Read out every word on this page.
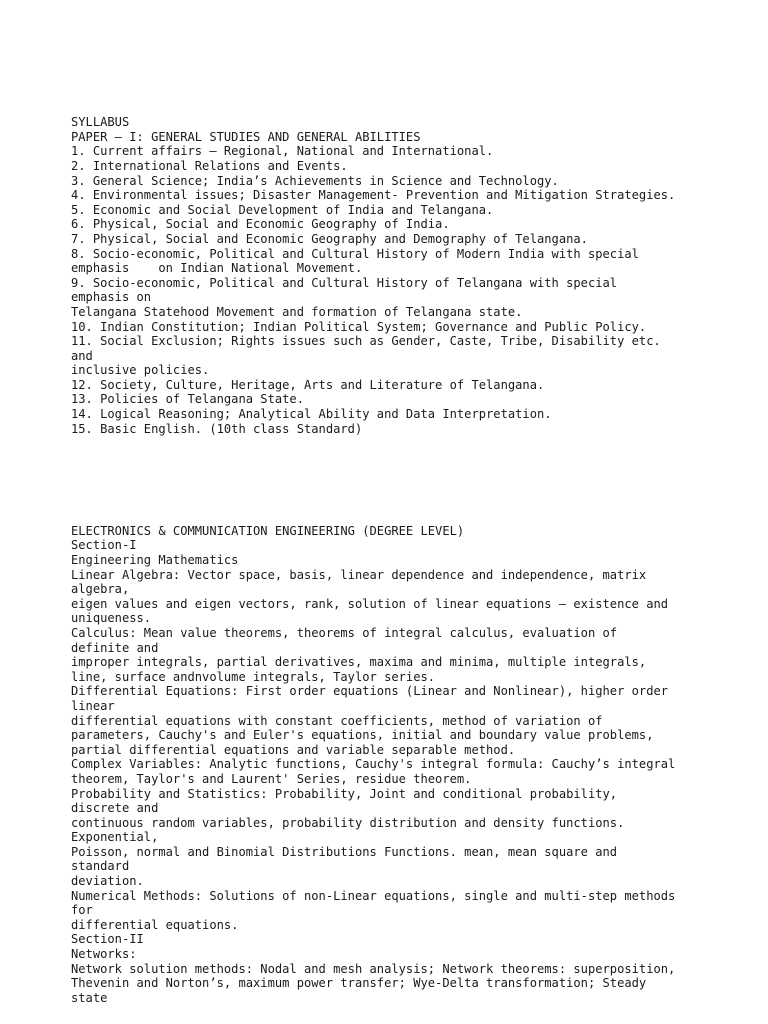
SYLLABUS
PAPER – I: GENERAL STUDIES AND GENERAL ABILITIES
1. Current affairs – Regional, National and International.
2. International Relations and Events.
3. General Science; India’s Achievements in Science and Technology.
4. Environmental issues; Disaster Management- Prevention and Mitigation Strategies.
5. Economic and Social Development of India and Telangana.
6. Physical, Social and Economic Geography of India.
7. Physical, Social and Economic Geography and Demography of Telangana.
8. Socio-economic, Political and Cultural History of Modern India with special
emphasis    on Indian National Movement.
9. Socio-economic, Political and Cultural History of Telangana with special
emphasis on
Telangana Statehood Movement and formation of Telangana state.
10. Indian Constitution; Indian Political System; Governance and Public Policy.
11. Social Exclusion; Rights issues such as Gender, Caste, Tribe, Disability etc.
and
inclusive policies.
12. Society, Culture, Heritage, Arts and Literature of Telangana.
13. Policies of Telangana State.
14. Logical Reasoning; Analytical Ability and Data Interpretation.
15. Basic English. (10th class Standard)

ELECTRONICS & COMMUNICATION ENGINEERING (DEGREE LEVEL)
Section-I
Engineering Mathematics
Linear Algebra: Vector space, basis, linear dependence and independence, matrix
algebra,
eigen values and eigen vectors, rank, solution of linear equations – existence and
uniqueness.
Calculus: Mean value theorems, theorems of integral calculus, evaluation of
definite and
improper integrals, partial derivatives, maxima and minima, multiple integrals,
line, surface andnvolume integrals, Taylor series.
Differential Equations: First order equations (Linear and Nonlinear), higher order
linear
differential equations with constant coefficients, method of variation of
parameters, Cauchy's and Euler's equations, initial and boundary value problems,
partial differential equations and variable separable method.
Complex Variables: Analytic functions, Cauchy's integral formula: Cauchy’s integral
theorem, Taylor's and Laurent' Series, residue theorem.
Probability and Statistics: Probability, Joint and conditional probability,
discrete and
continuous random variables, probability distribution and density functions.
Exponential,
Poisson, normal and Binomial Distributions Functions. mean, mean square and
standard
deviation.
Numerical Methods: Solutions of non-Linear equations, single and multi-step methods
for
differential equations.
Section-II
Networks:
Network solution methods: Nodal and mesh analysis; Network theorems: superposition,
Thevenin and Norton’s, maximum power transfer; Wye-Delta transformation; Steady
state
